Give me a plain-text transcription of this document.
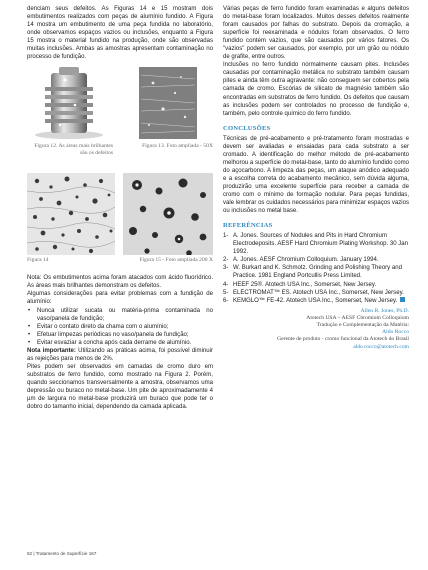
denciam seus defeitos. As Figuras 14 e 15 mostram dois embutimentos realizados com peças de alumínio fundido. A Figura 14 mostra um embutimento de uma peça fundida no laboratório, onde observamos espaços vazios ou inclusões, enquanto a Figura 15 mostra o material fundido na produção, onde são observadas muitas inclusões. Ambas as amostras apresentam contaminação no processo de fundição.

Figura 12. As áreas mais brilhantes são os defeitos
Figura 13. Foto ampliada - 50X
Figura 14	Figura 15 - Foto ampliada 200 X

Nota: Os embutimentos acima foram atacados com ácido fluorídrico. As áreas mais brilhantes demonstram os defeitos.

Algumas considerações para evitar problemas com a fundição de alumínio:

• Nunca utilizar sucata ou matéria-prima contaminada no vaso/panela de fundição;
• Evitar o contato direto da chama com o alumínio;
• Efetuar limpezas periódicas no vaso/panela de fundição;
• Evitar esvaziar a concha após cada derrame de alumínio.

Nota importante: Utilizando as práticas acima, foi possível diminuir as rejeições para menos de 2%.

Pites podem ser observados em camadas de cromo duro em substratos de ferro fundido, como mostrado na Figura 2. Porém, quando seccionamos transversalmente a amostra, observamos uma depressão ou buraco no metal-base. Um pite de aproximadamente 4 µm de largura no metal-base produzirá um buraco que pode ter o dobro do tamanho inicial, dependendo da camada aplicada.

Várias peças de ferro fundido foram examinadas e alguns defeitos do metal-base foram localizados. Muitos desses defeitos realmente foram causados por falhas do substrato. Depois da cromação, a superfície foi reexaminada e nódulos foram observados. O ferro fundido contém vazios, que são causados por vários fatores. Os "vazios" podem ser causados, por exemplo, por um grão ou nódulo de grafite, entre outros.

Inclusões no ferro fundido normalmente causam pites. Inclusões causadas por contaminação metálica no substrato também causam pites e ainda têm outra agravante: não conseguem ser cobertos pela camada de cromo. Escórias de silicato de magnésio também são encontradas em substratos de ferro fundido. Os defeitos que causam as inclusões podem ser controlados no processo de fundição e, também, pelo controle químico do ferro fundido.

CONCLUSÕES

Técnicas de pré-acabamento e pré-tratamento foram mostradas e devem ser avaliadas e ensaiadas para cada substrato a ser cromado. A identificação do melhor método de pré-acabamento melhorou a superfície do metal-base, tanto do alumínio fundido como do açocarbono. A limpeza das peças, um ataque anódico adequado e a escolha correta do acabamento mecânico, sem dúvida alguma, produzirão uma excelente superfície para receber a camada de cromo com o mínimo de formação nodular. Para peças fundidas, vale lembrar os cuidados necessários para minimizar espaços vazios ou inclusões no metal base.

REFERÊNCIAS
1- A. Jones. Sources of Nodules and Pits in Hard Chromium Electrodeposits. AESF Hard Chromium Plating Workshop. 30 Jan 1992.
2- A. Jones. AESF Chromium Colloquium. January 1994.
3- W. Burkart and K. Schmotz. Grinding and Polishing Theory and Practice. 1981 England Portcullis Press Limited.
4- HEEF 25®. Atotech USA Inc., Somerset, New Jersey.
5- ELECTROMAT™ ES. Atotech USA Inc., Somerset, New Jersey.
6- KEMGLO™ FE-42. Atotech USA Inc., Somerset, New Jersey.
Allen R. Jones, Ph.D.
Atotech USA – AESF Chromium Colloquium
Tradução e Complementação da Matéria:
Aldo Rocco
Gerente de produto - cromo funcional da Atotech do Brasil
aldo.rocco@atotech.com
62 | Tratamento de Superfície 167
